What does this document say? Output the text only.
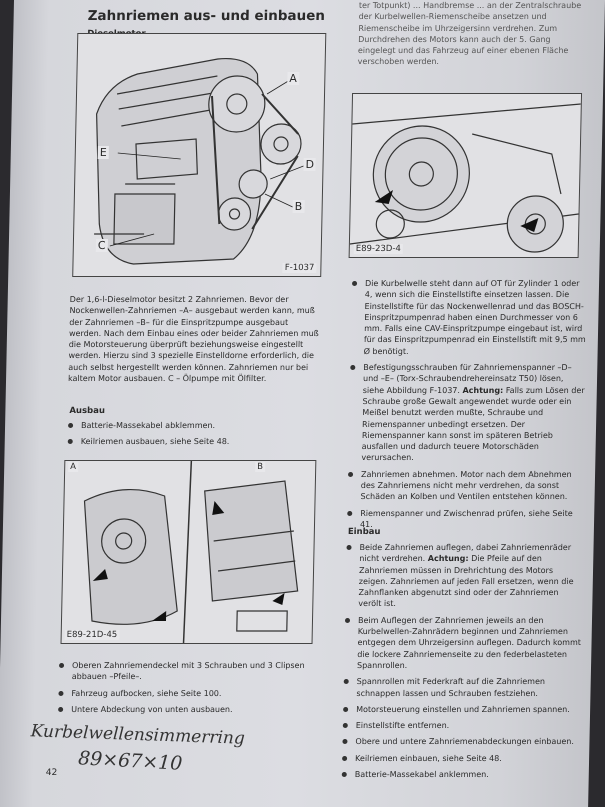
Zahnriemen aus- und einbauen
A
E
D
B
C
F-1037

Der 1,6-l-Dieselmotor besitzt 2 Zahnriemen. Bevor der Nockenwellen-Zahnriemen –A– ausgebaut werden kann, muß der Zahnriemen –B– für die Einspritzpumpe ausgebaut werden. Nach dem Einbau eines oder beider Zahnriemen muß die Motorsteuerung überprüft beziehungsweise eingestellt werden. Hierzu sind 3 spezielle Einstelldorne erforderlich, die auch selbst hergestellt werden können. Zahnriemen nur bei kaltem Motor ausbauen. C – Ölpumpe mit Ölfilter.

Ausbau
Batterie-Massekabel abklemmen.
Keilriemen ausbauen, siehe Seite 48.
A	B
E89-21D-45
Oberen Zahnriemendeckel mit 3 Schrauben und 3 Clipsen abbauen –Pfeile–.
Fahrzeug aufbocken, siehe Seite 100.
Untere Abdeckung von unten ausbauen.
Kurbelwellensimmerring
89×67×10
42

ter Totpunkt) ... Handbremse ... an der Zentralschraube der Kurbelwellen-Riemenscheibe ansetzen und Riemenscheibe im Uhrzeigersinn verdrehen. Zum Durchdrehen des Motors kann auch der 5. Gang eingelegt und das Fahrzeug auf einer ebenen Fläche verschoben werden.

E89-23D-4
Die Kurbelwelle steht dann auf OT für Zylinder 1 oder 4, wenn sich die Einstellstifte einsetzen lassen. Die Einstellstifte für das Nockenwellenrad und das BOSCH-Einspritzpumpenrad haben einen Durchmesser von 6 mm. Falls eine CAV-Einspritzpumpe eingebaut ist, wird für das Einspritzpumpenrad ein Einstellstift mit 9,5 mm Ø benötigt.
Befestigungsschrauben für Zahnriemenspanner –D– und –E– (Torx-Schraubendrehereinsatz T50) lösen, siehe Abbildung F-1037. Achtung: Falls zum Lösen der Schraube große Gewalt angewendet wurde oder ein Meißel benutzt werden mußte, Schraube und Riemenspanner unbedingt ersetzen. Der Riemenspanner kann sonst im späteren Betrieb ausfallen und dadurch teuere Motorschäden verursachen.
Zahnriemen abnehmen. Motor nach dem Abnehmen des Zahnriemens nicht mehr verdrehen, da sonst Schäden an Kolben und Ventilen entstehen können.
Riemenspanner und Zwischenrad prüfen, siehe Seite 41.
Einbau
Beide Zahnriemen auflegen, dabei Zahnriemenräder nicht verdrehen. Achtung: Die Pfeile auf den Zahnriemen müssen in Drehrichtung des Motors zeigen. Zahnriemen auf jeden Fall ersetzen, wenn die Zahnflanken abgenutzt sind oder der Zahnriemen verölt ist.
Beim Auflegen der Zahnriemen jeweils an den Kurbelwellen-Zahnrädern beginnen und Zahnriemen entgegen dem Uhrzeigersinn auflegen. Dadurch kommt die lockere Zahnriemenseite zu den federbelasteten Spannrollen.
Spannrollen mit Federkraft auf die Zahnriemen schnappen lassen und Schrauben festziehen.
Motorsteuerung einstellen und Zahnriemen spannen.
Einstellstifte entfernen.
Obere und untere Zahnriemenabdeckungen einbauen.
Keilriemen einbauen, siehe Seite 48.
Batterie-Massekabel anklemmen.
